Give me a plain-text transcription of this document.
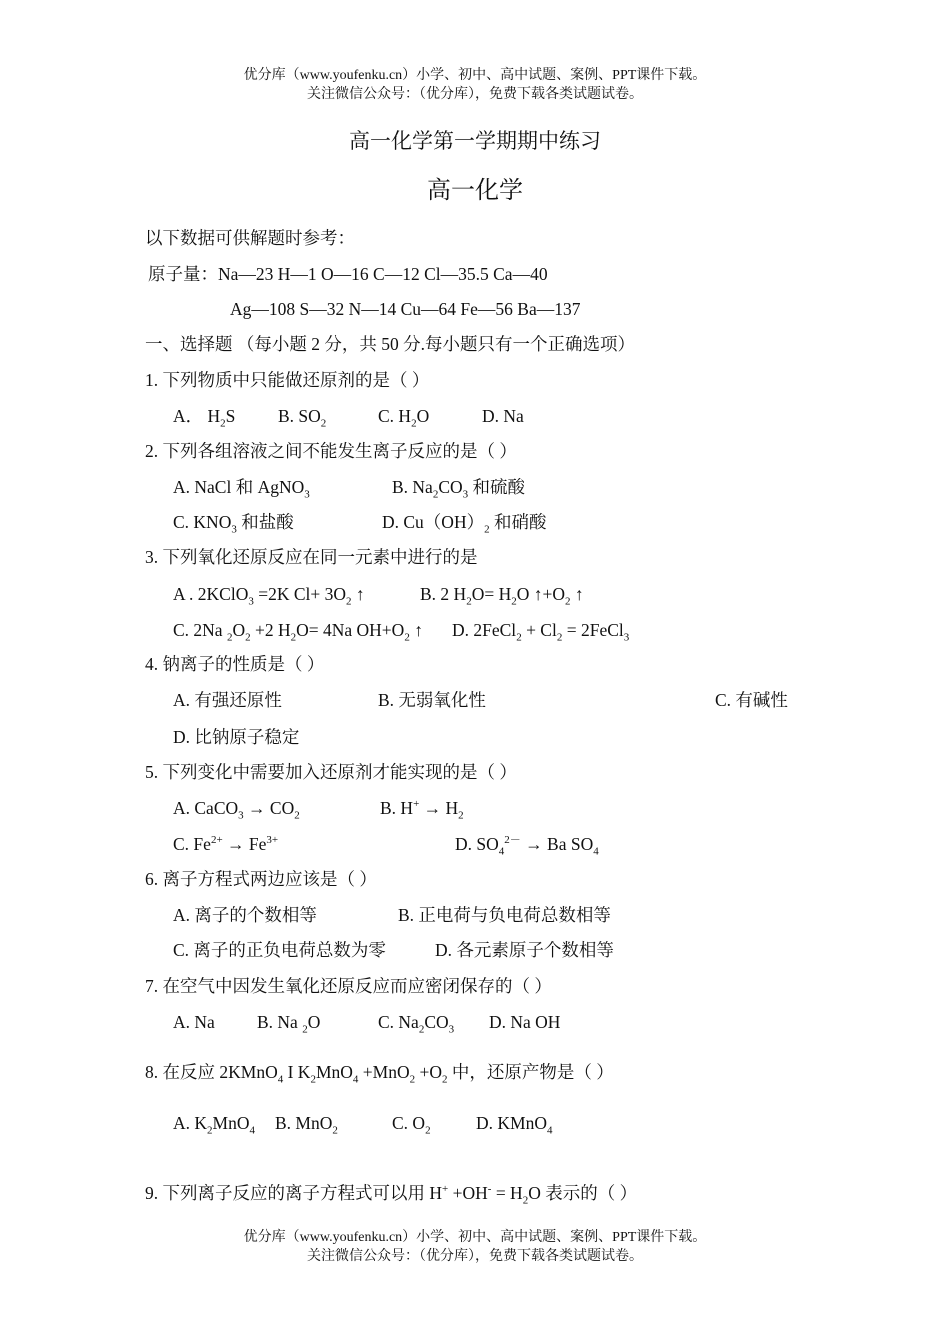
优分库（www.youfenku.cn）小学、初中、高中试题、案例、PPT课件下载。
关注微信公众号：（优分库），免费下载各类试题试卷。
高一化学第一学期期中练习
高一化学
以下数据可供解题时参考：
原子量：Na—23 H—1 O—16 C—12 Cl—35.5 Ca—40
Ag—108 S—32 N—14 Cu—64 Fe—56 Ba—137
一、选择题 （每小题 2 分，共 50 分.每小题只有一个正确选项）
1. 下列物质中只能做还原剂的是（ ）
A． $H_2S$ B. $SO_2$	C. $H_2O$	D. Na
2. 下列各组溶液之间不能发生离子反应的是（ ）
A. NaCl 和 AgNO$_3$	B. $Na_2CO_3$ 和硫酸
C. $KNO_3$ 和盐酸	D. $Cu(OH)_2$ 和硝酸
3. 下列氧化还原反应在同一元素中进行的是
A . 2KClO$_3$ =2K $Cl+ 3O_2$ ↑	B. 2 $H_2O= H_2O$ $↑+O_2$ ↑
C. 2Na $_2O_2 +2$ $H_2O= 4Na$ $OH+O_2$ ↑ D. 2FeCl$_2$ + $Cl_2$ = 2FeCl$_3$
4. 钠离子的性质是（ ）
A. 有强还原性	B. 无弱氧化性	C. 有碱性
D. 比钠原子稳定
5. 下列变化中需要加入还原剂才能实现的是（ ）
A. CaCO$_3$ → $CO_2$	B. $H^+ \to H_2$
C. $Fe^{2+} \to Fe^{3+}$	D. $SO_4^{2-} \to Ba$ $SO_4$
6. 离子方程式两边应该是（ ）
A. 离子的个数相等	B. 正电荷与负电荷总数相等
C. 离子的正负电荷总数为零	D. 各元素原子个数相等
7. 在空气中因发生氧化还原反应而应密闭保存的（ ）
A. Na B. Na $_2$O	C. $Na_2CO_3$ D. Na OH
8. 在反应 2KMnO$_4$ I $K_2MnO_4 +MnO_2 +O_2$ 中，还原产物是（ ）
A. $K_2MnO_4$ B. MnO$_2$	C. $O_2$	D. KMnO$_4$
9. 下列离子反应的离子方程式可以用 $H^+ +OH^- = H_2O$ 表示的（ ）
优分库（www.youfenku.cn）小学、初中、高中试题、案例、PPT课件下载。
关注微信公众号：（优分库），免费下载各类试题试卷。
